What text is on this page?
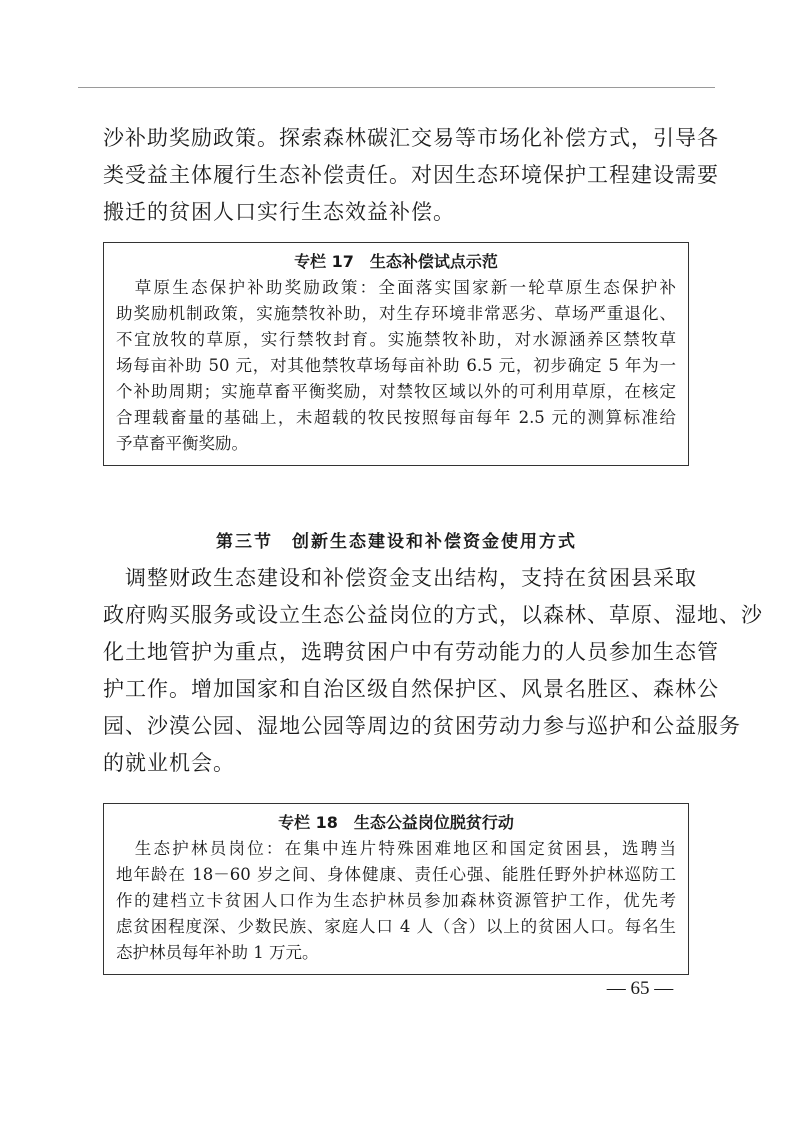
沙补助奖励政策。探索森林碳汇交易等市场化补偿方式，引导各
类受益主体履行生态补偿责任。对因生态环境保护工程建设需要
搬迁的贫困人口实行生态效益补偿。
专栏 17　生态补偿试点示范
　草原生态保护补助奖励政策：全面落实国家新一轮草原生态保护补
助奖励机制政策，实施禁牧补助，对生存环境非常恶劣、草场严重退化、
不宜放牧的草原，实行禁牧封育。实施禁牧补助，对水源涵养区禁牧草
场每亩补助 50 元，对其他禁牧草场每亩补助 6.5 元，初步确定 5 年为一
个补助周期；实施草畜平衡奖励，对禁牧区域以外的可利用草原，在核定
合理载畜量的基础上，未超载的牧民按照每亩每年 2.5 元的测算标准给
予草畜平衡奖励。
第三节　创新生态建设和补偿资金使用方式
　调整财政生态建设和补偿资金支出结构，支持在贫困县采取
政府购买服务或设立生态公益岗位的方式，以森林、草原、湿地、沙
化土地管护为重点，选聘贫困户中有劳动能力的人员参加生态管
护工作。增加国家和自治区级自然保护区、风景名胜区、森林公
园、沙漠公园、湿地公园等周边的贫困劳动力参与巡护和公益服务
的就业机会。
专栏 18　生态公益岗位脱贫行动
　生态护林员岗位：在集中连片特殊困难地区和国定贫困县，选聘当
地年龄在 18－60 岁之间、身体健康、责任心强、能胜任野外护林巡防工
作的建档立卡贫困人口作为生态护林员参加森林资源管护工作，优先考
虑贫困程度深、少数民族、家庭人口 4 人（含）以上的贫困人口。每名生
态护林员每年补助 1 万元。
— 65 —
